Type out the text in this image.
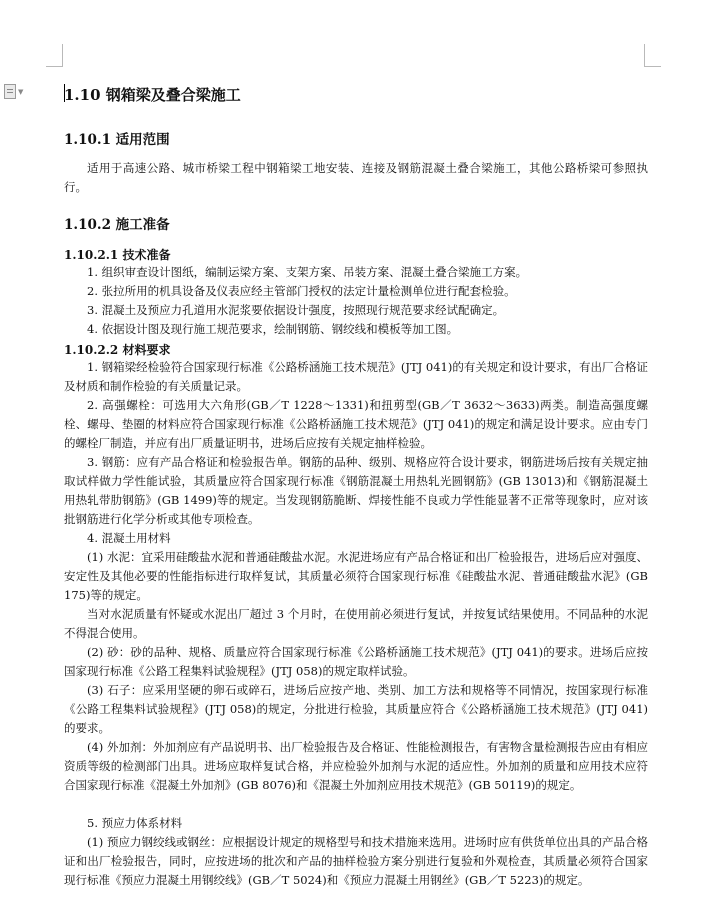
▼	1.10 钢箱梁及叠合梁施工
1.10.1 适用范围
适用于高速公路、城市桥梁工程中钢箱梁工地安装、连接及钢筋混凝土叠合梁施工，其他公路桥梁可参照执行。
1.10.2 施工准备
1.10.2.1 技术准备
1. 组织审查设计图纸，编制运梁方案、支架方案、吊装方案、混凝土叠合梁施工方案。
2. 张拉所用的机具设备及仪表应经主管部门授权的法定计量检测单位进行配套检验。
3. 混凝土及预应力孔道用水泥浆要依据设计强度，按照现行规范要求经试配确定。
4. 依据设计图及现行施工规范要求，绘制钢筋、钢绞线和模板等加工图。
1.10.2.2 材料要求
1. 钢箱梁经检验符合国家现行标准《公路桥涵施工技术规范》(JTJ 041)的有关规定和设计要求，有出厂合格证及材质和制作检验的有关质量记录。
2. 高强螺栓：可选用大六角形(GB／T 1228～1331)和扭剪型(GB／T 3632～3633)两类。制造高强度螺栓、螺母、垫圈的材料应符合国家现行标准《公路桥涵施工技术规范》(JTJ 041)的规定和满足设计要求。应由专门的螺栓厂制造，并应有出厂质量证明书，进场后应按有关规定抽样检验。
3. 钢筋：应有产品合格证和检验报告单。钢筋的品种、级别、规格应符合设计要求，钢筋进场后按有关规定抽取试样做力学性能试验，其质量应符合国家现行标准《钢筋混凝土用热轧光圆钢筋》(GB 13013)和《钢筋混凝土用热轧带肋钢筋》(GB 1499)等的规定。当发现钢筋脆断、焊接性能不良或力学性能显著不正常等现象时，应对该批钢筋进行化学分析或其他专项检查。
4. 混凝土用材料
(1) 水泥：宜采用硅酸盐水泥和普通硅酸盐水泥。水泥进场应有产品合格证和出厂检验报告，进场后应对强度、安定性及其他必要的性能指标进行取样复试，其质量必须符合国家现行标准《硅酸盐水泥、普通硅酸盐水泥》(GB 175)等的规定。
当对水泥质量有怀疑或水泥出厂超过 3 个月时，在使用前必须进行复试，并按复试结果使用。不同品种的水泥不得混合使用。
(2) 砂：砂的品种、规格、质量应符合国家现行标准《公路桥涵施工技术规范》(JTJ 041)的要求。进场后应按国家现行标准《公路工程集料试验规程》(JTJ 058)的规定取样试验。
(3) 石子：应采用坚硬的卵石或碎石，进场后应按产地、类别、加工方法和规格等不同情况，按国家现行标准《公路工程集料试验规程》(JTJ 058)的规定，分批进行检验，其质量应符合《公路桥涵施工技术规范》(JTJ 041)的要求。
(4) 外加剂：外加剂应有产品说明书、出厂检验报告及合格证、性能检测报告，有害物含量检测报告应由有相应资质等级的检测部门出具。进场应取样复试合格，并应检验外加剂与水泥的适应性。外加剂的质量和应用技术应符合国家现行标准《混凝土外加剂》(GB 8076)和《混凝土外加剂应用技术规范》(GB 50119)的规定。
5. 预应力体系材料
(1) 预应力钢绞线或钢丝：应根据设计规定的规格型号和技术措施来选用。进场时应有供货单位出具的产品合格证和出厂检验报告，同时，应按进场的批次和产品的抽样检验方案分别进行复验和外观检查，其质量必须符合国家现行标准《预应力混凝土用钢绞线》(GB／T 5024)和《预应力混凝土用钢丝》(GB／T 5223)的规定。
